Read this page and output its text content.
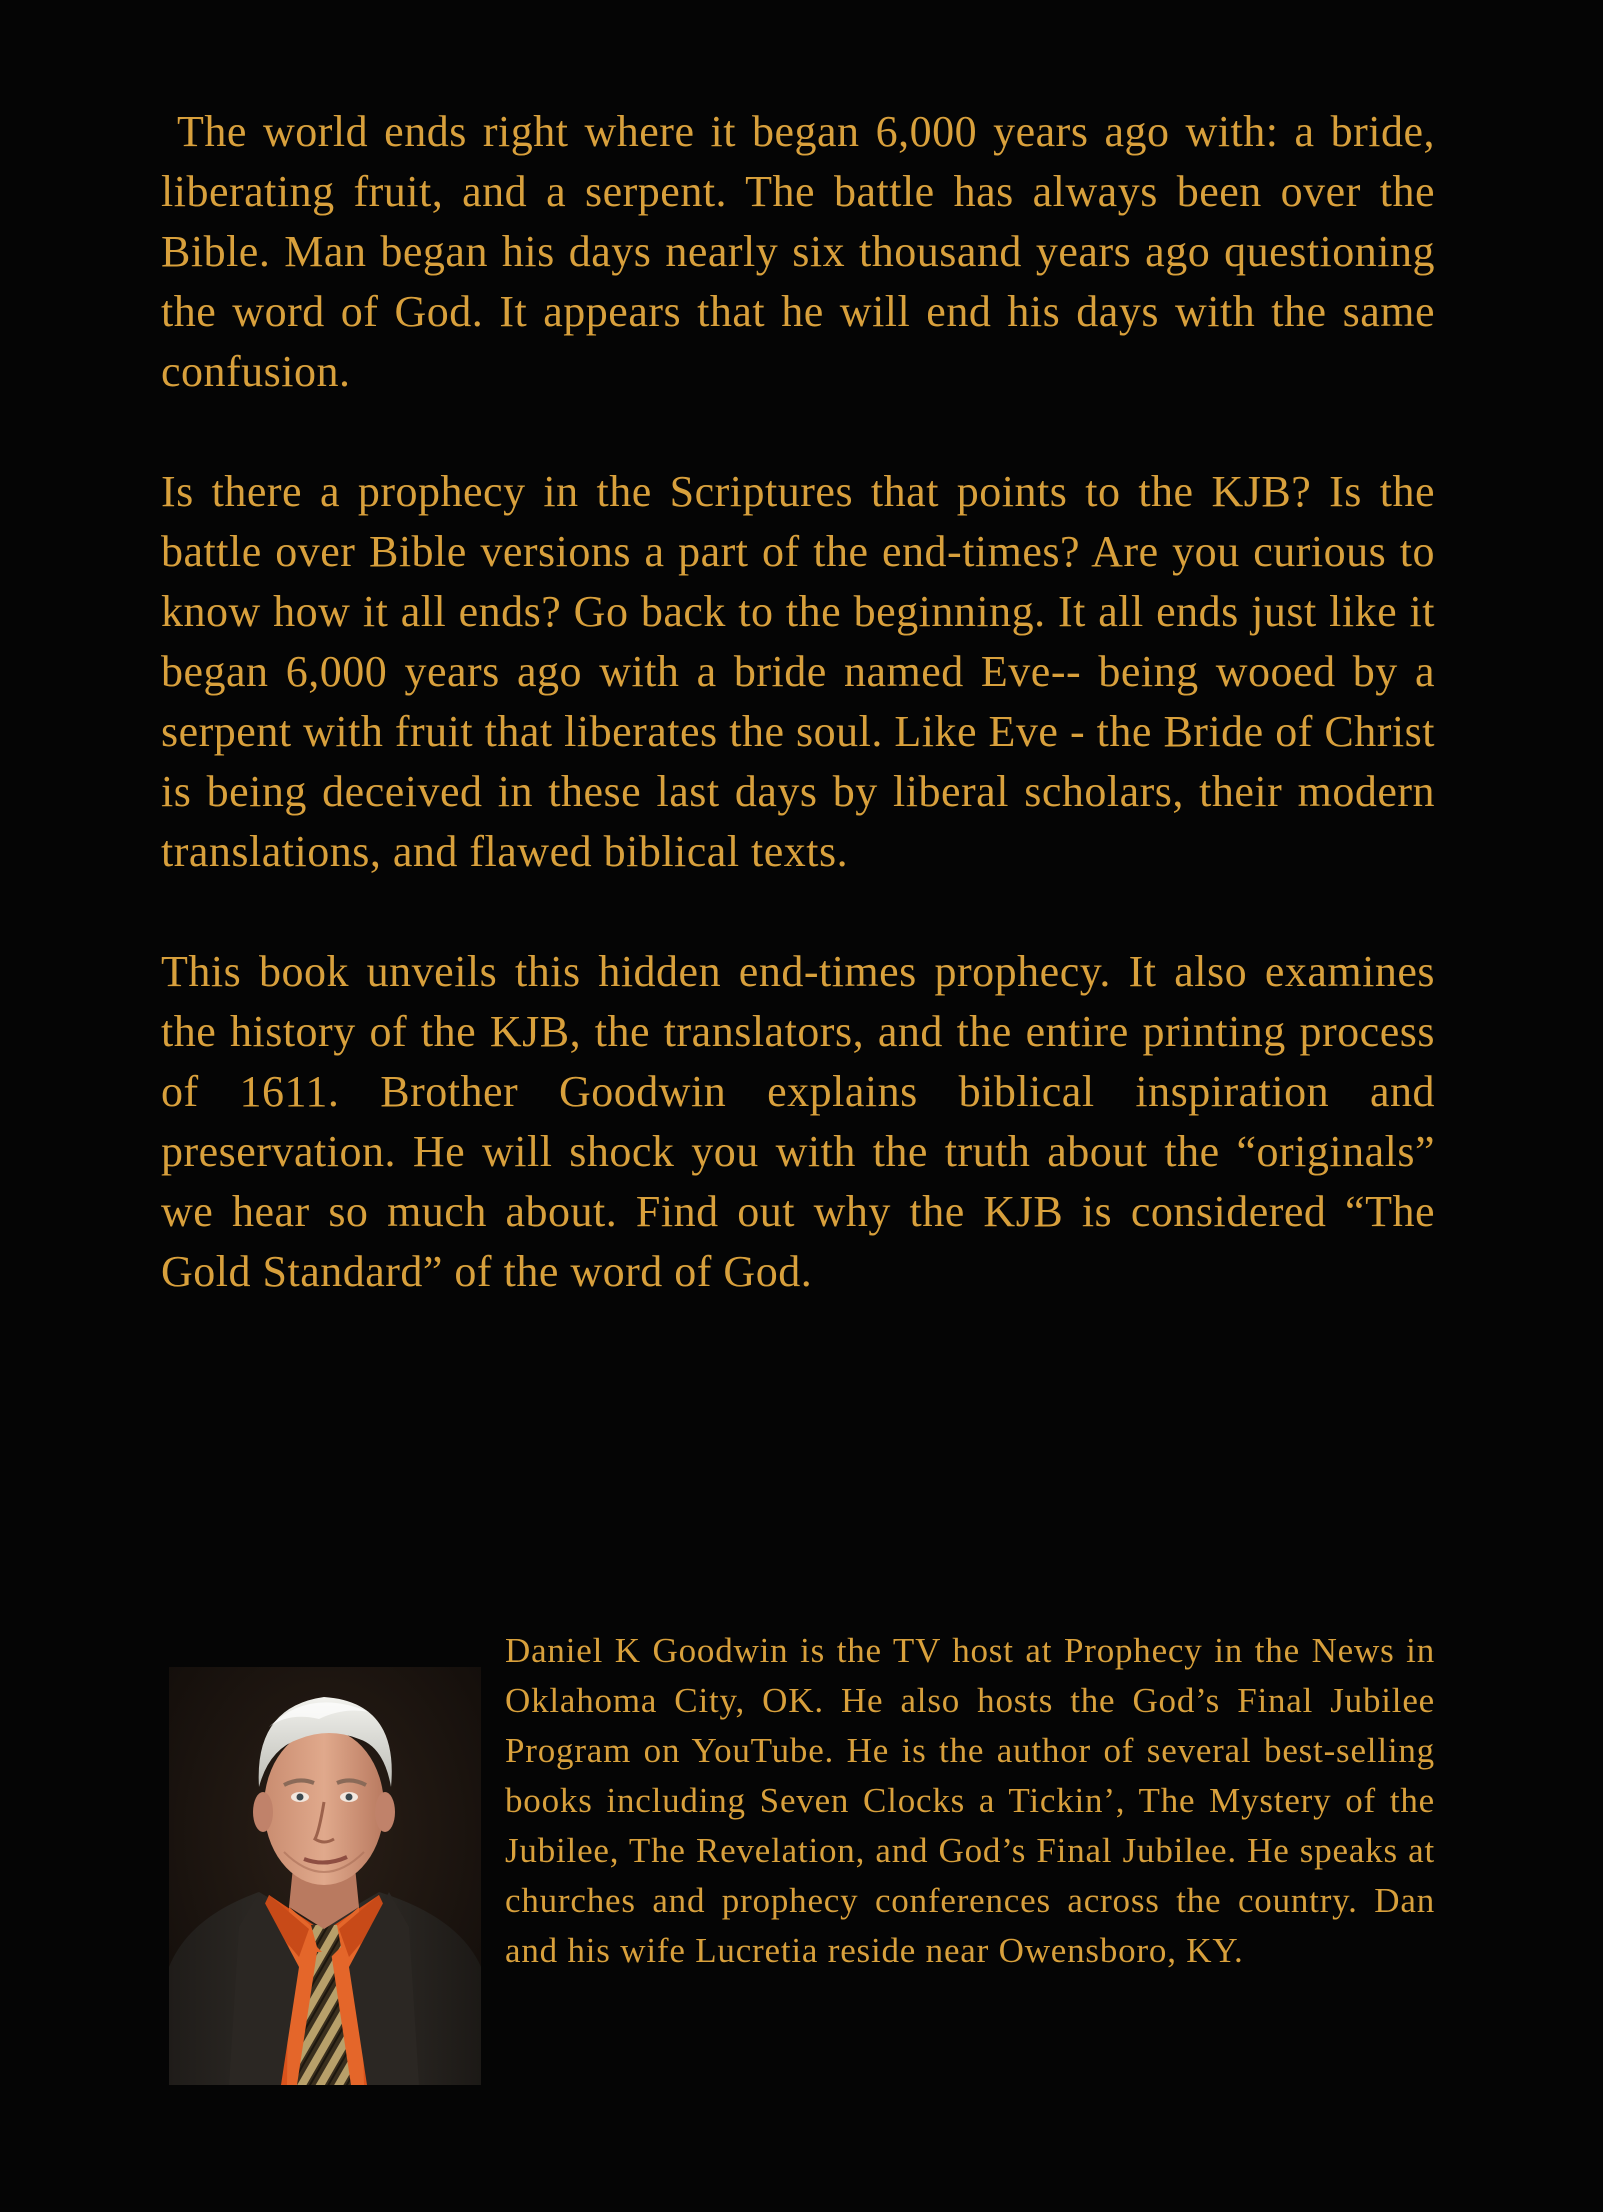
The world ends right where it began 6,000 years ago with: a bride, liberating fruit, and a serpent. The battle has always been over the Bible. Man began his days nearly six thousand years ago questioning the word of God. It appears that he will end his days with the same confusion.

Is there a prophecy in the Scriptures that points to the KJB? Is the battle over Bible versions a part of the end-times? Are you curious to know how it all ends? Go back to the beginning. It all ends just like it began 6,000 years ago with a bride named Eve-- being wooed by a serpent with fruit that liberates the soul. Like Eve - the Bride of Christ is being deceived in these last days by liberal scholars, their modern translations, and flawed biblical texts.

This book unveils this hidden end-times prophecy. It also examines the history of the KJB, the translators, and the entire printing process of 1611. Brother Goodwin explains biblical inspiration and preservation. He will shock you with the truth about the “originals” we hear so much about. Find out why the KJB is considered “The Gold Standard” of the word of God.

Daniel K Goodwin is the TV host at Prophecy in the News in Oklahoma City, OK. He also hosts the God’s Final Jubilee Program on YouTube. He is the author of several best-selling books including Seven Clocks a Tickin’, The Mystery of the Jubilee, The Revelation, and God’s Final Jubilee. He speaks at churches and prophecy conferences across the country. Dan and his wife Lucretia reside near Owensboro, KY.
